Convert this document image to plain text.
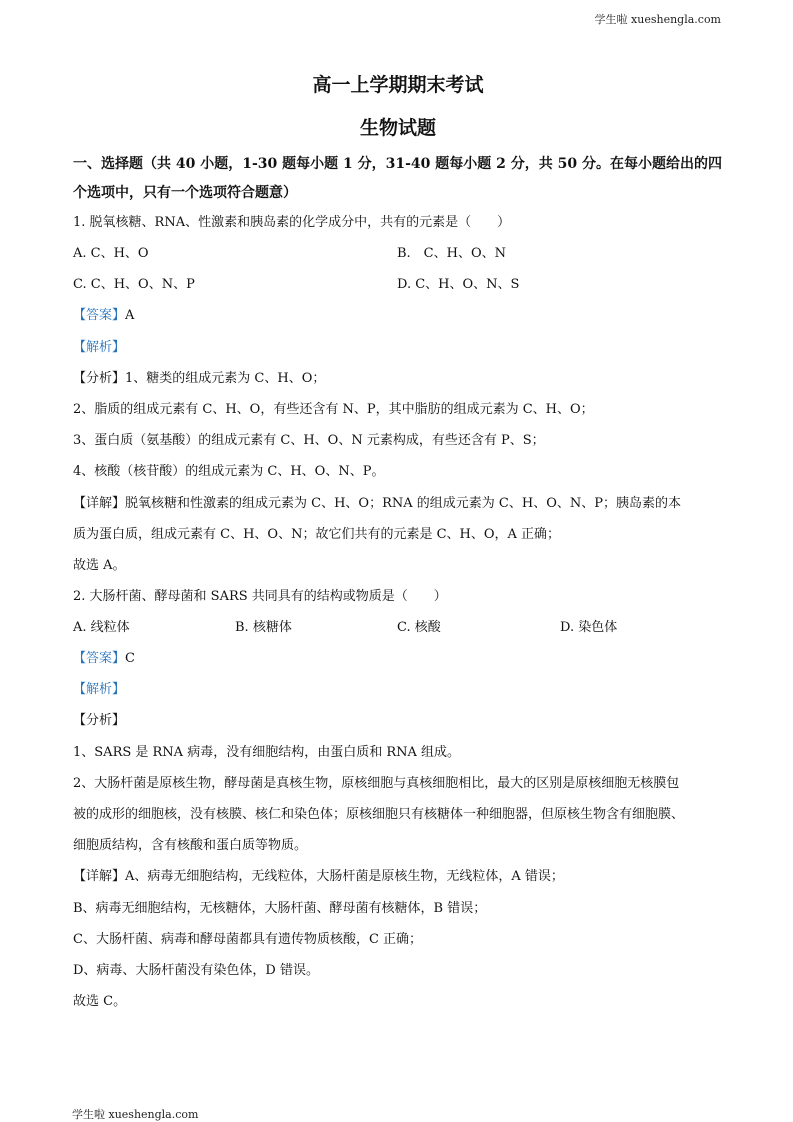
学生啦 xueshengla.com
高一上学期期末考试
生物试题
一、选择题（共 40 小题，1-30 题每小题 1 分，31-40 题每小题 2 分，共 50 分。在每小题给出的四个选项中，只有一个选项符合题意）
1. 脱氧核糖、RNA、性激素和胰岛素的化学成分中，共有的元素是（　　）
A. C、H、O	B.　C、H、O、N
C. C、H、O、N、P	D. C、H、O、N、S
【答案】A
【解析】
【分析】1、糖类的组成元素为 C、H、O；
2、脂质的组成元素有 C、H、O，有些还含有 N、P，其中脂肪的组成元素为 C、H、O；
3、蛋白质（氨基酸）的组成元素有 C、H、O、N 元素构成，有些还含有 P、S；
4、核酸（核苷酸）的组成元素为 C、H、O、N、P。
【详解】脱氧核糖和性激素的组成元素为 C、H、O；RNA 的组成元素为 C、H、O、N、P；胰岛素的本
质为蛋白质，组成元素有 C、H、O、N；故它们共有的元素是 C、H、O，A 正确；
故选 A。
2. 大肠杆菌、酵母菌和 SARS 共同具有的结构或物质是（　　）
A. 线粒体	B. 核糖体	C. 核酸	D. 染色体
【答案】C
【解析】
【分析】
1、SARS 是 RNA 病毒，没有细胞结构，由蛋白质和 RNA 组成。
2、大肠杆菌是原核生物，酵母菌是真核生物，原核细胞与真核细胞相比，最大的区别是原核细胞无核膜包
被的成形的细胞核，没有核膜、核仁和染色体；原核细胞只有核糖体一种细胞器，但原核生物含有细胞膜、
细胞质结构，含有核酸和蛋白质等物质。
【详解】A、病毒无细胞结构，无线粒体，大肠杆菌是原核生物，无线粒体，A 错误；
B、病毒无细胞结构，无核糖体，大肠杆菌、酵母菌有核糖体，B 错误；
C、大肠杆菌、病毒和酵母菌都具有遗传物质核酸，C 正确；
D、病毒、大肠杆菌没有染色体，D 错误。
故选 C。
学生啦 xueshengla.com
